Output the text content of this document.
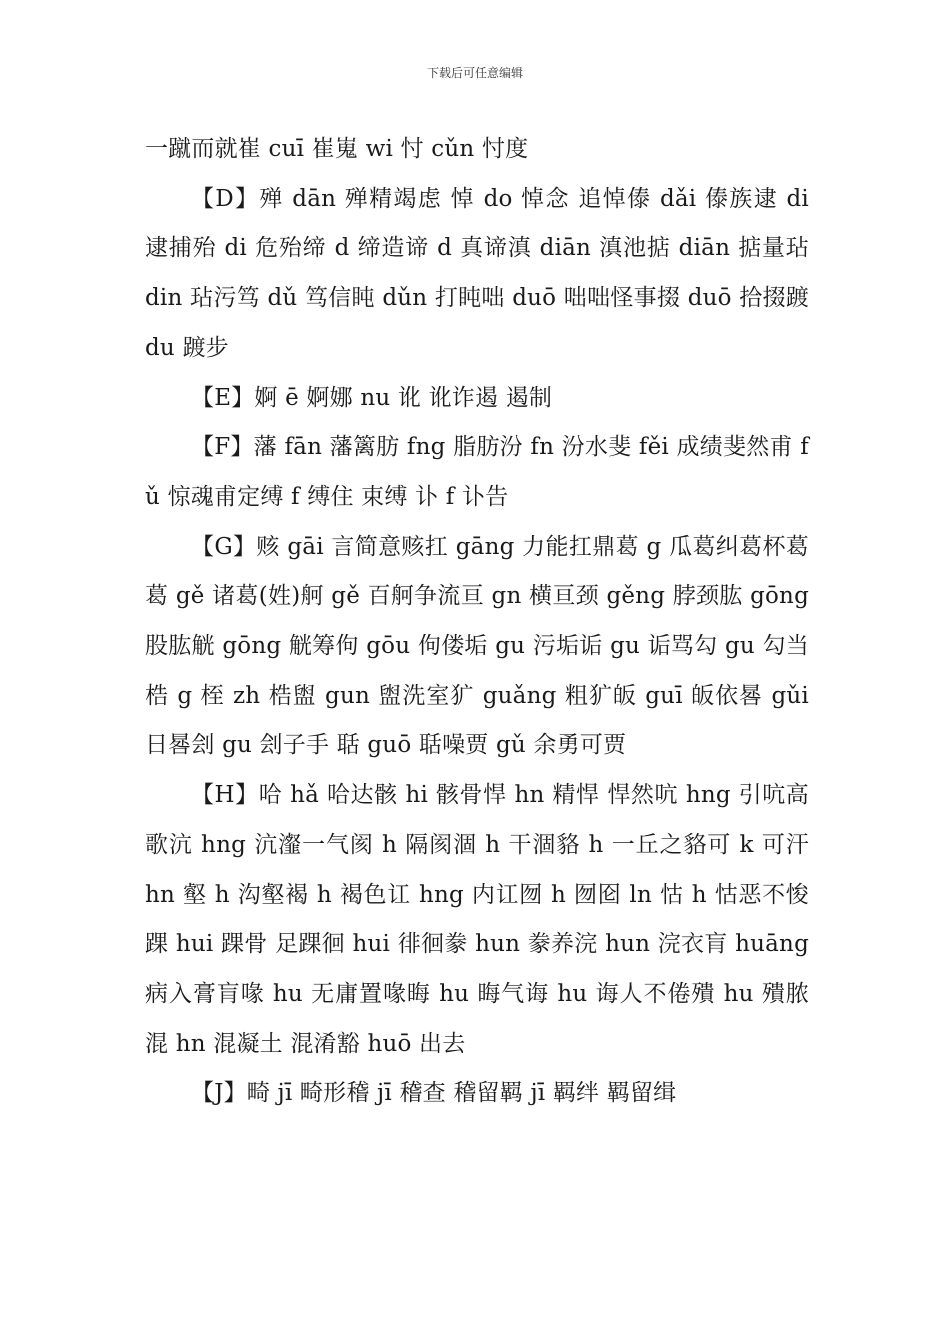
下载后可任意编辑

一蹴而就崔 cuī 崔嵬 wi 忖 cǔn 忖度

【D】殚 dān 殚精竭虑 悼 do 悼念 追悼傣 dǎi 傣族逮 di 逮捕殆 di 危殆缔 d 缔造谛 d 真谛滇 diān 滇池掂 diān 掂量玷 din 玷污笃 dǔ 笃信盹 dǔn 打盹咄 duō 咄咄怪事掇 duō 拾掇踱 du 踱步

【E】婀 ē 婀娜 nu 讹 讹诈遏 遏制

【F】藩 fān 藩篱肪 fng 脂肪汾 fn 汾水斐 fěi 成绩斐然甫 fǔ 惊魂甫定缚 f 缚住 束缚 讣 f 讣告

【G】赅 gāi 言简意赅扛 gāng 力能扛鼎葛 g 瓜葛纠葛杯葛葛 gě 诸葛(姓)舸 gě 百舸争流亘 gn 横亘颈 gěng 脖颈肱 gōng 股肱觥 gōng 觥筹佝 gōu 佝偻垢 gu 污垢诟 gu 诟骂勾 gu 勾当梏 g 桎 zh 梏盥 gun 盥洗室犷 guǎng 粗犷皈 guī 皈依晷 gǔi 日晷刽 gu 刽子手 聒 guō 聒噪贾 gǔ 余勇可贾

【H】哈 hǎ 哈达骸 hi 骸骨悍 hn 精悍 悍然吭 hng 引吭高歌沆 hng 沆瀣一气阂 h 隔阂涸 h 干涸貉 h 一丘之貉可 k 可汗 hn 壑 h 沟壑褐 h 褐色讧 hng 内讧囫 h 囫囵 ln 怙 h 怙恶不悛踝 hui 踝骨 足踝徊 hui 徘徊豢 hun 豢养浣 hun 浣衣肓 huāng 病入膏肓喙 hu 无庸置喙晦 hu 晦气诲 hu 诲人不倦殨 hu 殨脓混 hn 混凝土 混淆豁 huō 出去

【J】畸 jī 畸形稽 jī 稽查 稽留羁 jī 羁绊 羁留缉
